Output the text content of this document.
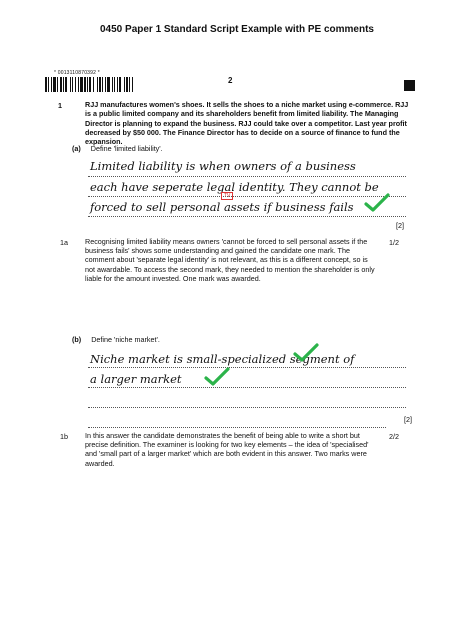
0450 Paper 1 Standard Script Example with PE comments
* 0013110870392 *
2
1	RJJ manufactures women's shoes. It sells the shoes to a niche market using e-commerce. RJJ is a public limited company and its shareholders benefit from limited liability. The Managing Director is planning to expand the business. RJJ could take over a competitor. Last year profit decreased by $50 000. The Finance Director has to decide on a source of finance to fund the expansion.
(a) Define 'limited liability'.
Limited liability is when owners of a business
each have seperate legal identity. They cannot be
forced to sell personal assets if business fails
TV
[2]
1a Recognising limited liability means owners 'cannot be forced to sell personal assets if the business fails' shows some understanding and gained the candidate one mark. The comment about 'separate legal identity' is not relevant, as this is a different concept, so is not awardable. To access the second mark, they needed to mention the shareholder is only liable for the amount invested. One mark was awarded.
1/2
(b) Define 'niche market'.
Niche market is small-specialized segment of
a larger market
[2]
1b In this answer the candidate demonstrates the benefit of being able to write a short but precise definition. The examiner is looking for two key elements – the idea of 'specialised' and 'small part of a larger market' which are both evident in this answer. Two marks were awarded.
2/2
